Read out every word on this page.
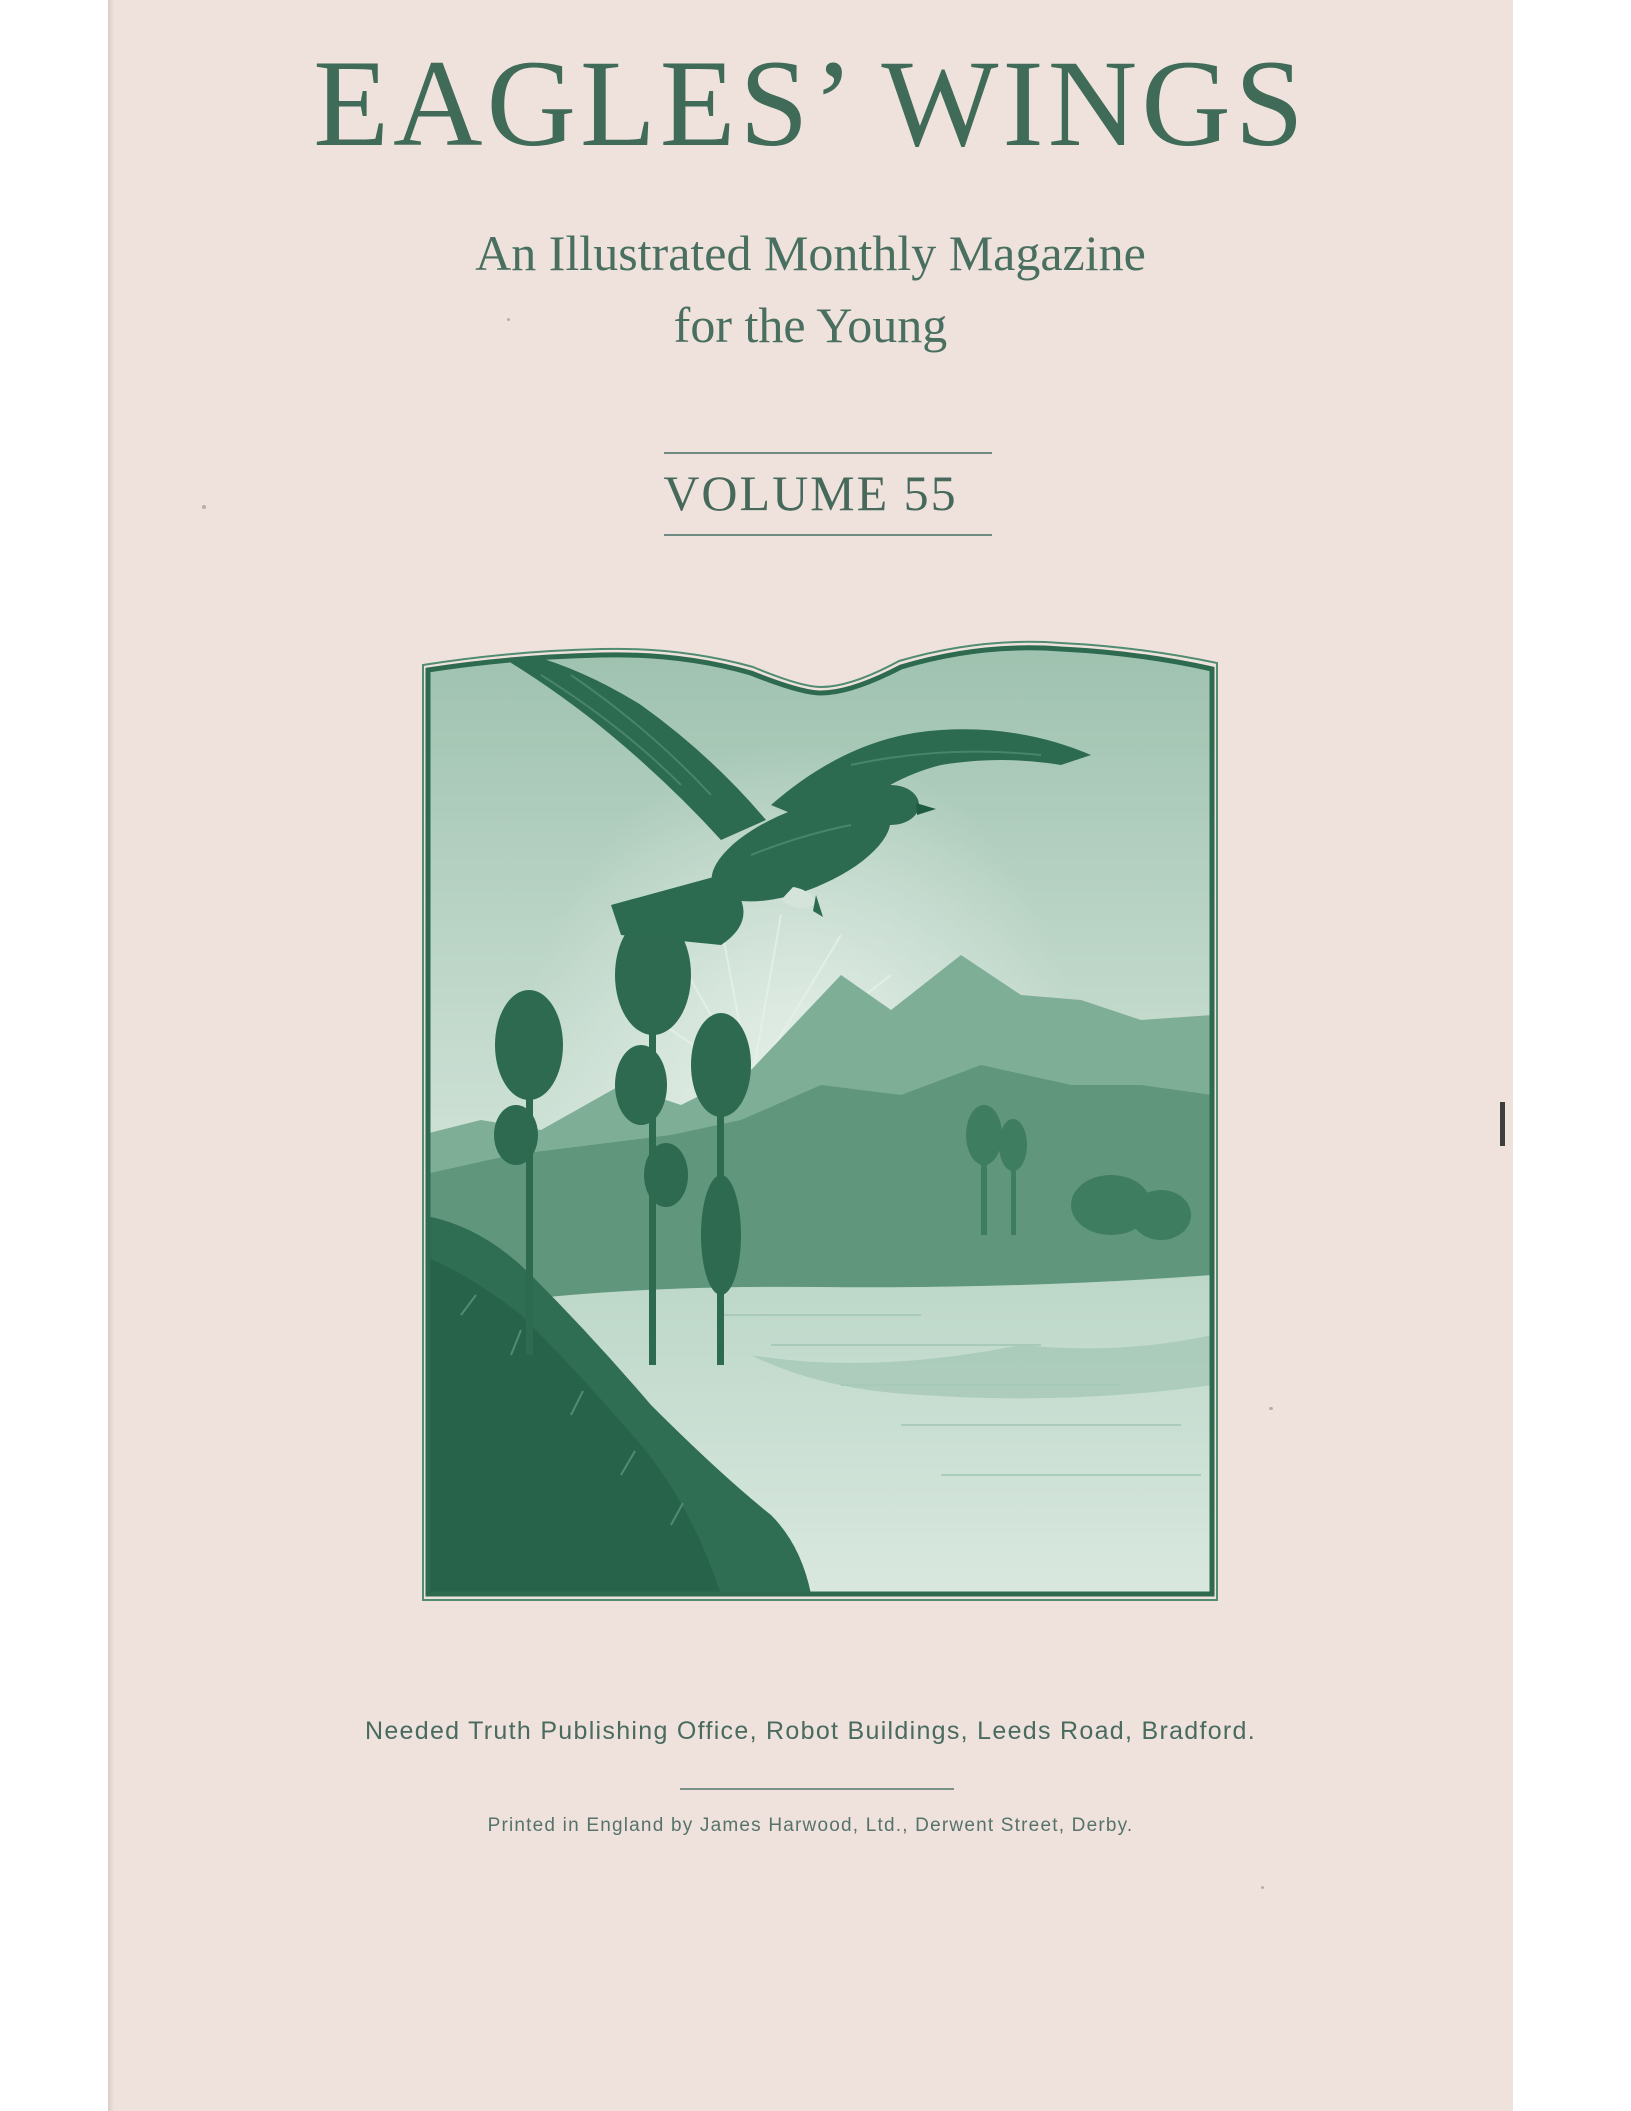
EAGLES’ WINGS
An Illustrated Monthly Magazine
for the Young
VOLUME 55
Needed Truth Publishing Office, Robot Buildings, Leeds Road, Bradford.
Printed in England by James Harwood, Ltd., Derwent Street, Derby.
